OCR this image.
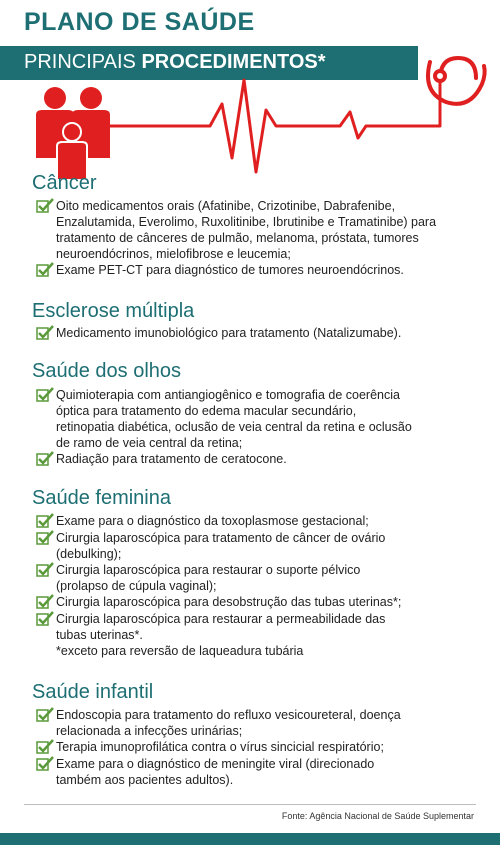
PLANO DE SAÚDE
PRINCIPAIS PROCEDIMENTOS*
Câncer
Oito medicamentos orais (Afatinibe, Crizotinibe, Dabrafenibe,
Enzalutamida, Everolimo, Ruxolitinibe, Ibrutinibe e Tramatinibe) para
tratamento de cânceres de pulmão, melanoma, próstata, tumores
neuroendócrinos, mielofibrose e leucemia;
Exame PET-CT para diagnóstico de tumores neuroendócrinos.
Esclerose múltipla
Medicamento imunobiológico para tratamento (Natalizumabe).
Saúde dos olhos
Quimioterapia com antiangiogênico e tomografia de coerência
óptica para tratamento do edema macular secundário,
retinopatia diabética, oclusão de veia central da retina e oclusão
de ramo de veia central da retina;
Radiação para tratamento de ceratocone.
Saúde feminina
Exame para o diagnóstico da toxoplasmose gestacional;
Cirurgia laparoscópica para tratamento de câncer de ovário
(debulking);
Cirurgia laparoscópica para restaurar o suporte pélvico
(prolapso de cúpula vaginal);
Cirurgia laparoscópica para desobstrução das tubas uterinas*;
Cirurgia laparoscópica para restaurar a permeabilidade das
tubas uterinas*.
*exceto para reversão de laqueadura tubária
Saúde infantil
Endoscopia para tratamento do refluxo vesicoureteral, doença
relacionada a infecções urinárias;
Terapia imunoprofilática contra o vírus sincicial respiratório;
Exame para o diagnóstico de meningite viral (direcionado
também aos pacientes adultos).
Fonte: Agência Nacional de Saúde Suplementar
